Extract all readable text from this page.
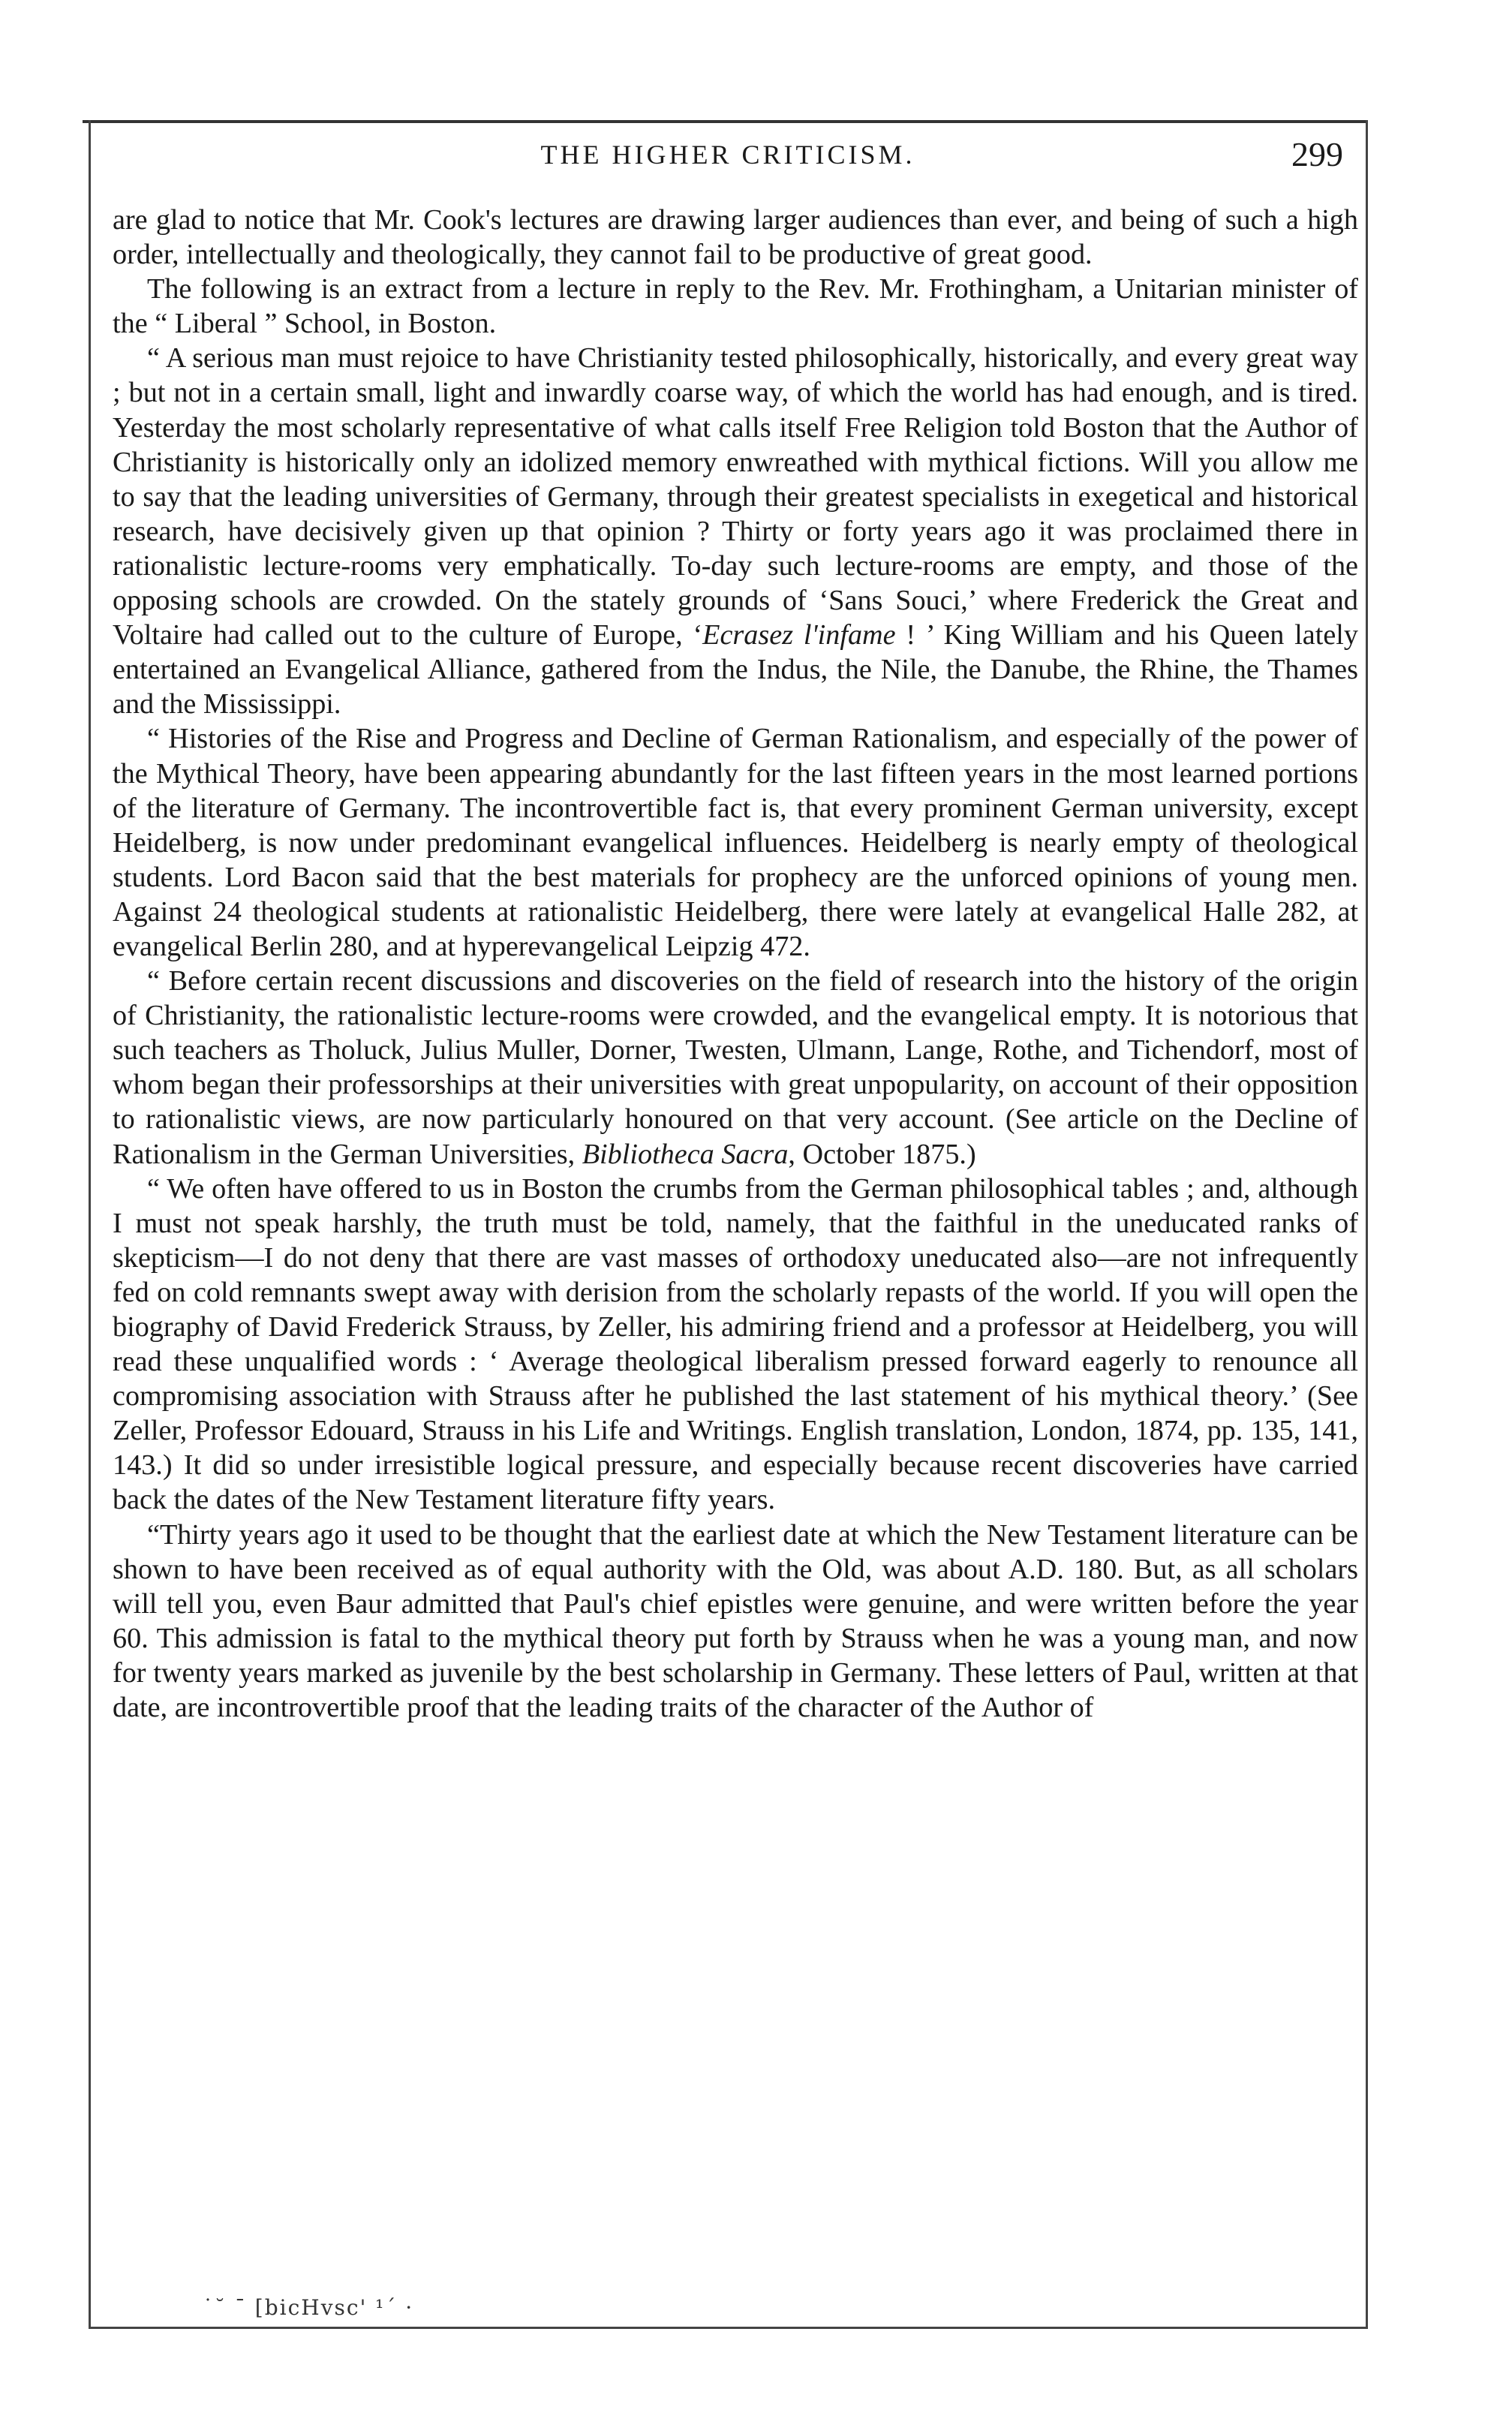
THE HIGHER CRITICISM.	299

are glad to notice that Mr. Cook's lectures are drawing larger audiences than ever, and being of such a high order, intellectually and theologically, they cannot fail to be productive of great good.

The following is an extract from a lecture in reply to the Rev. Mr. Frothingham, a Unitarian minister of the “ Liberal ” School, in Boston.

“ A serious man must rejoice to have Christianity tested philosophically, historically, and every great way ; but not in a certain small, light and inwardly coarse way, of which the world has had enough, and is tired. Yesterday the most scholarly representative of what calls itself Free Religion told Boston that the Author of Christianity is historically only an idolized memory enwreathed with mythical fictions. Will you allow me to say that the leading universities of Germany, through their greatest specialists in exegetical and historical research, have decisively given up that opinion ? Thirty or forty years ago it was proclaimed there in rationalistic lecture-rooms very emphatically. To-day such lecture-rooms are empty, and those of the opposing schools are crowded. On the stately grounds of ‘Sans Souci,’ where Frederick the Great and Voltaire had called out to the culture of Europe, ‘Ecrasez l'infame ! ’ King William and his Queen lately entertained an Evangelical Alliance, gathered from the Indus, the Nile, the Danube, the Rhine, the Thames and the Mississippi.

“ Histories of the Rise and Progress and Decline of German Rationalism, and especially of the power of the Mythical Theory, have been appearing abundantly for the last fifteen years in the most learned portions of the literature of Germany. The incontrovertible fact is, that every prominent German university, except Heidelberg, is now under predominant evangelical influences. Heidelberg is nearly empty of theological students. Lord Bacon said that the best materials for prophecy are the unforced opinions of young men. Against 24 theological students at rationalistic Heidelberg, there were lately at evangelical Halle 282, at evangelical Berlin 280, and at hyperevangelical Leipzig 472.

“ Before certain recent discussions and discoveries on the field of research into the history of the origin of Christianity, the rationalistic lecture-rooms were crowded, and the evangelical empty. It is notorious that such teachers as Tholuck, Julius Muller, Dorner, Twesten, Ulmann, Lange, Rothe, and Tichendorf, most of whom began their professorships at their universities with great unpopularity, on account of their opposition to rationalistic views, are now particularly honoured on that very account. (See article on the Decline of Rationalism in the German Universities, Bibliotheca Sacra, October 1875.)

“ We often have offered to us in Boston the crumbs from the German philosophical tables ; and, although I must not speak harshly, the truth must be told, namely, that the faithful in the uneducated ranks of skepticism—I do not deny that there are vast masses of orthodoxy uneducated also—are not infrequently fed on cold remnants swept away with derision from the scholarly repasts of the world. If you will open the biography of David Frederick Strauss, by Zeller, his admiring friend and a professor at Heidelberg, you will read these unqualified words : ‘ Average theological liberalism pressed forward eagerly to renounce all compromising association with Strauss after he published the last statement of his mythical theory.’ (See Zeller, Professor Edouard, Strauss in his Life and Writings. English translation, London, 1874, pp. 135, 141, 143.) It did so under irresistible logical pressure, and especially because recent discoveries have carried back the dates of the New Testament literature fifty years.

“Thirty years ago it used to be thought that the earliest date at which the New Testament literature can be shown to have been received as of equal authority with the Old, was about A.D. 180. But, as all scholars will tell you, even Baur admitted that Paul's chief epistles were genuine, and were written before the year 60. This admission is fatal to the mythical theory put forth by Strauss when he was a young man, and now for twenty years marked as juvenile by the best scholarship in Germany. These letters of Paul, written at that date, are incontrovertible proof that the leading traits of the character of the Author of

˙˘ ˉ [bicHvsc' ¹´ ·
